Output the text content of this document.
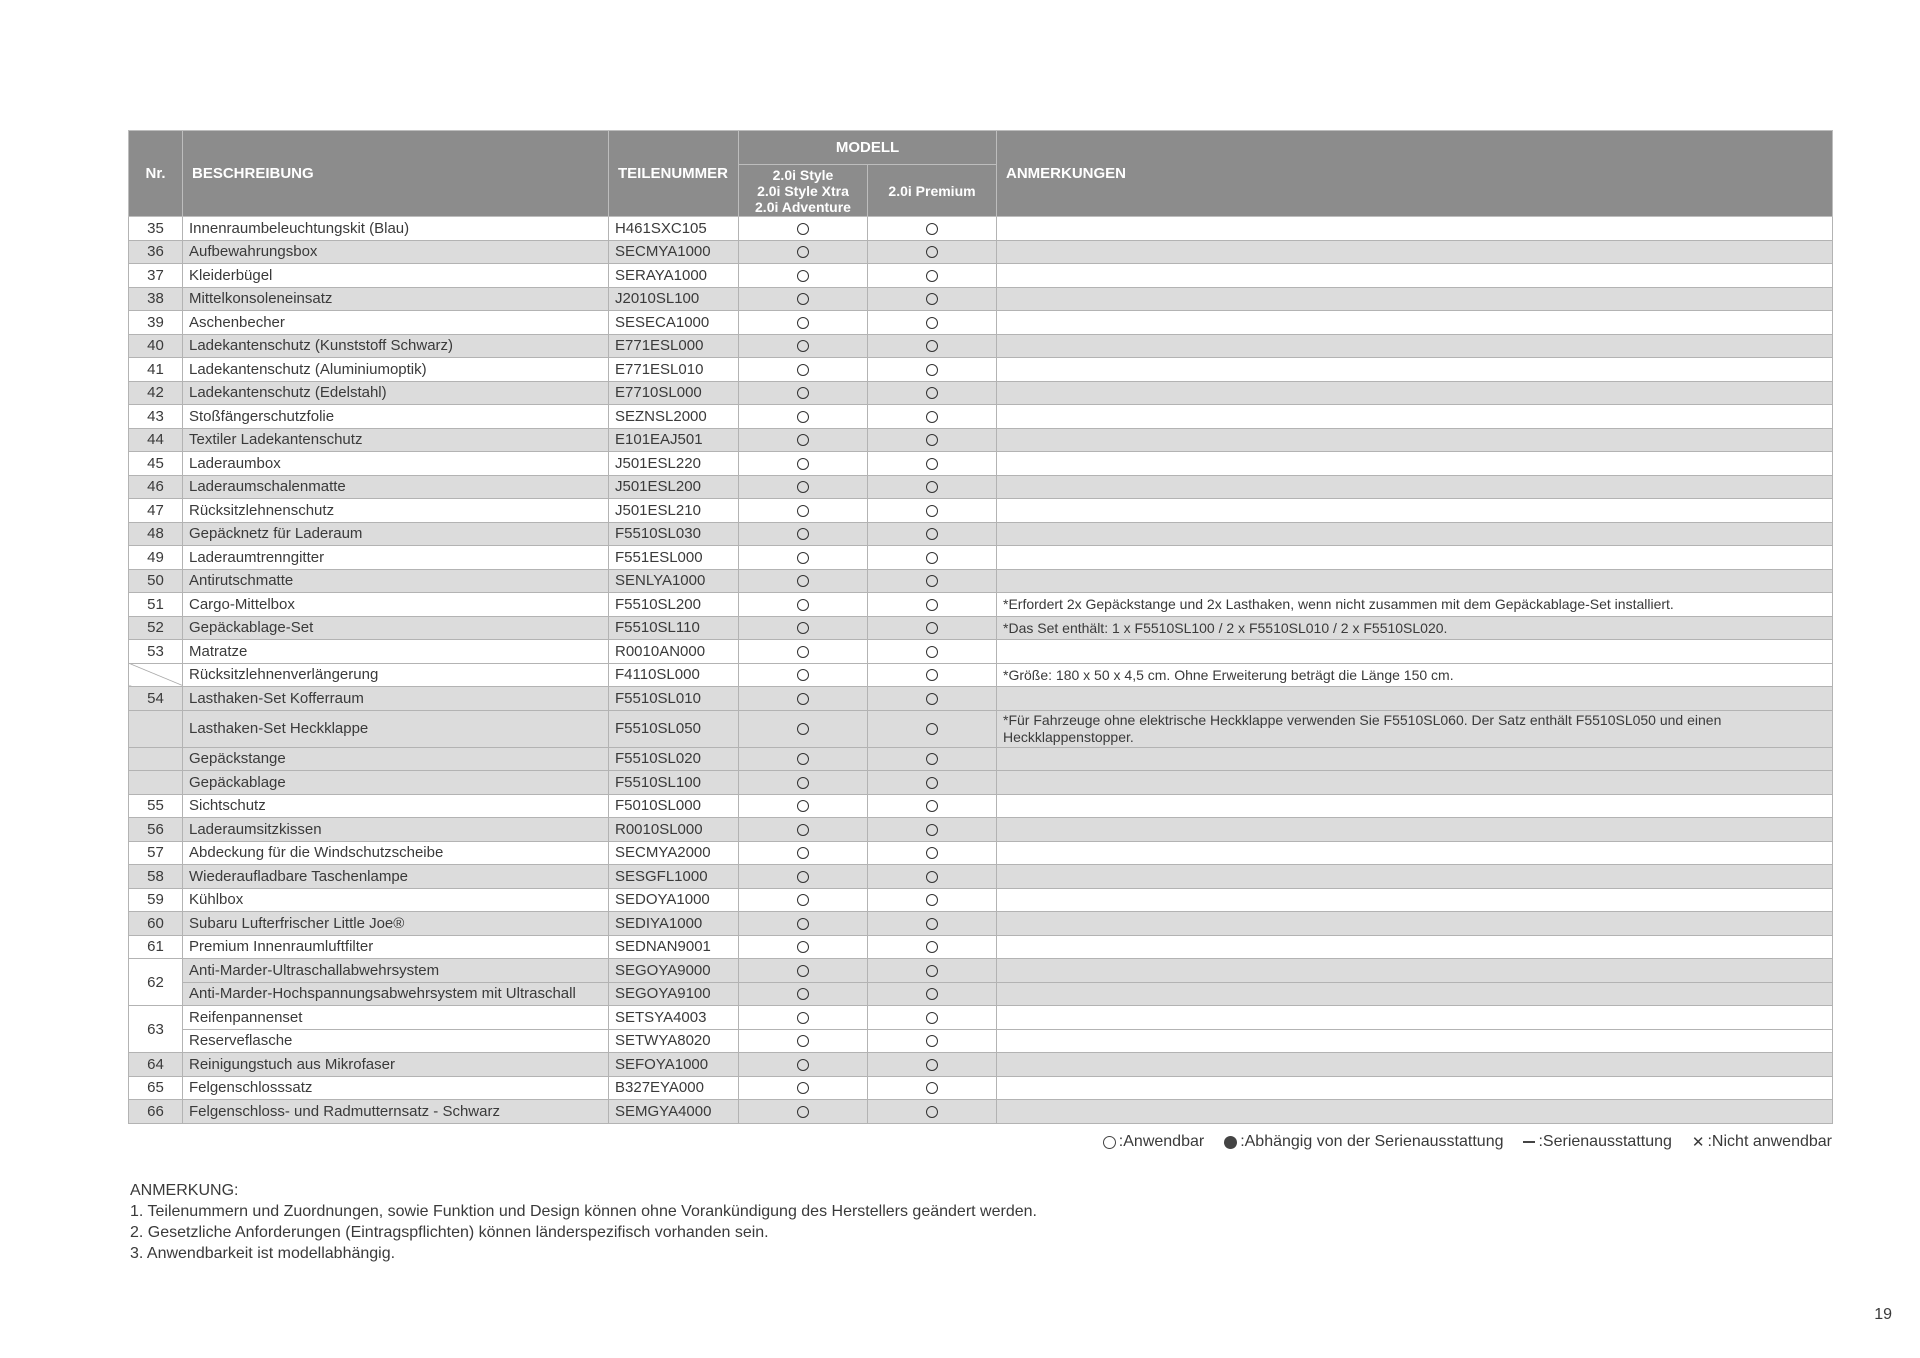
Nr.	BESCHREIBUNG	TEILENUMMER	MODELL		ANMERKUNGEN
			2.0i Style
2.0i Style Xtra
2.0i Adventure	2.0i Premium	
35	Innenraumbeleuchtungskit (Blau)	H461SXC105			
36	Aufbewahrungsbox	SECMYA1000			
37	Kleiderbügel	SERAYA1000			
38	Mittelkonsoleneinsatz	J2010SL100			
39	Aschenbecher	SESECA1000			
40	Ladekantenschutz (Kunststoff Schwarz)	E771ESL000			
41	Ladekantenschutz (Aluminiumoptik)	E771ESL010			
42	Ladekantenschutz (Edelstahl)	E7710SL000			
43	Stoßfängerschutzfolie	SEZNSL2000			
44	Textiler Ladekantenschutz	E101EAJ501			
45	Laderaumbox	J501ESL220			
46	Laderaumschalenmatte	J501ESL200			
47	Rücksitzlehnenschutz	J501ESL210			
48	Gepäcknetz für Laderaum	F5510SL030			
49	Laderaumtrenngitter	F551ESL000			
50	Antirutschmatte	SENLYA1000			
51	Cargo-Mittelbox	F5510SL200			*Erfordert 2x Gepäckstange und 2x Lasthaken, wenn nicht zusammen mit dem Gepäckablage-Set installiert.
52	Gepäckablage-Set	F5510SL110			*Das Set enthält: 1 x F5510SL100 / 2 x F5510SL010 / 2 x F5510SL020.
53	Matratze	R0010AN000			
	Rücksitzlehnenverlängerung	F4110SL000			*Größe: 180 x 50 x 4,5 cm. Ohne Erweiterung beträgt die Länge 150 cm.
54	Lasthaken-Set Kofferraum	F5510SL010			
	Lasthaken-Set Heckklappe	F5510SL050			*Für Fahrzeuge ohne elektrische Heckklappe verwenden Sie F5510SL060. Der Satz enthält F5510SL050 und einen Heckklappenstopper.
	Gepäckstange	F5510SL020			
	Gepäckablage	F5510SL100			
55	Sichtschutz	F5010SL000			
56	Laderaumsitzkissen	R0010SL000			
57	Abdeckung für die Windschutzscheibe	SECMYA2000			
58	Wiederaufladbare Taschenlampe	SESGFL1000			
59	Kühlbox	SEDOYA1000			
60	Subaru Lufterfrischer Little Joe®	SEDIYA1000			
61	Premium Innenraumluftfilter	SEDNAN9001			
62	Anti-Marder-Ultraschallabwehrsystem	SEGOYA9000			
	Anti-Marder-Hochspannungsabwehrsystem mit Ultraschall	SEGOYA9100			
63	Reifenpannenset	SETSYA4003			
	Reserveflasche	SETWYA8020			
64	Reinigungstuch aus Mikrofaser	SEFOYA1000			
65	Felgenschlosssatz	B327EYA000			
66	Felgenschloss- und Radmutternsatz - Schwarz	SEMGYA4000			
:Anwendbar :Abhängig von der Serienausstattung :Serienausstattung ✕ :Nicht anwendbar
ANMERKUNG:
1. Teilenummern und Zuordnungen, sowie Funktion und Design können ohne Vorankündigung des Herstellers geändert werden.
2. Gesetzliche Anforderungen (Eintragspflichten) können länderspezifisch vorhanden sein.
3. Anwendbarkeit ist modellabhängig.
19
